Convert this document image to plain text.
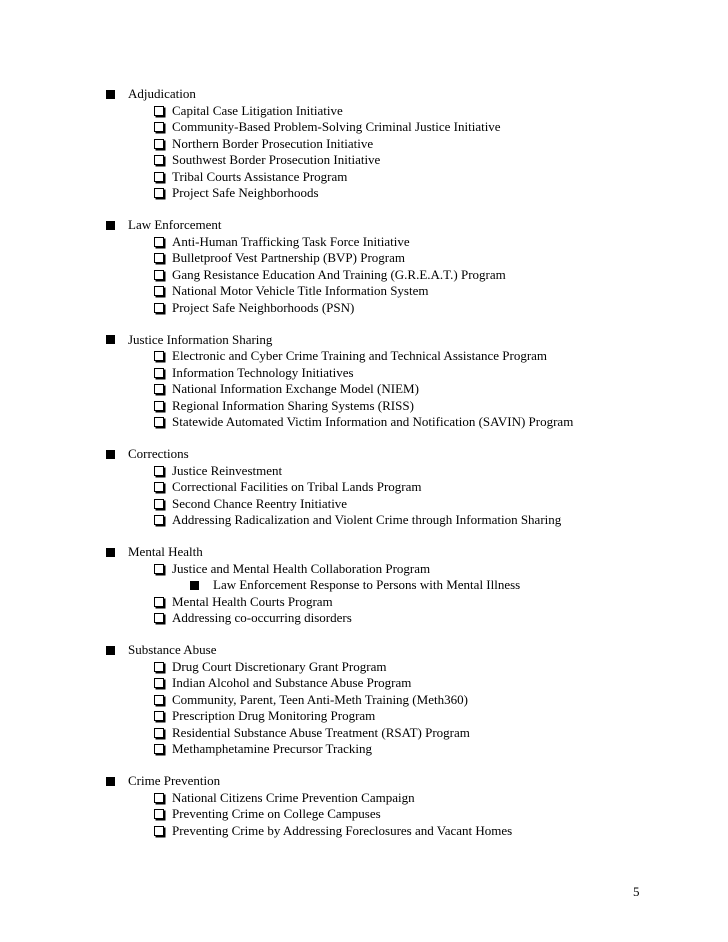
Adjudication
Capital Case Litigation Initiative
Community-Based Problem-Solving Criminal Justice Initiative
Northern Border Prosecution Initiative
Southwest Border Prosecution Initiative
Tribal Courts Assistance Program
Project Safe Neighborhoods
Law Enforcement
Anti-Human Trafficking Task Force Initiative
Bulletproof Vest Partnership (BVP) Program
Gang Resistance Education And Training (G.R.E.A.T.) Program
National Motor Vehicle Title Information System
Project Safe Neighborhoods (PSN)
Justice Information Sharing
Electronic and Cyber Crime Training and Technical Assistance Program
Information Technology Initiatives
National Information Exchange Model (NIEM)
Regional Information Sharing Systems (RISS)
Statewide Automated Victim Information and Notification (SAVIN) Program
Corrections
Justice Reinvestment
Correctional Facilities on Tribal Lands Program
Second Chance Reentry Initiative
Addressing Radicalization and Violent Crime through Information Sharing
Mental Health
Justice and Mental Health Collaboration Program
Law Enforcement Response to Persons with Mental Illness
Mental Health Courts Program
Addressing co-occurring disorders
Substance Abuse
Drug Court Discretionary Grant Program
Indian Alcohol and Substance Abuse Program
Community, Parent, Teen Anti-Meth Training (Meth360)
Prescription Drug Monitoring Program
Residential Substance Abuse Treatment (RSAT) Program
Methamphetamine Precursor Tracking
Crime Prevention
National Citizens Crime Prevention Campaign
Preventing Crime on College Campuses
Preventing Crime by Addressing Foreclosures and Vacant Homes
5
